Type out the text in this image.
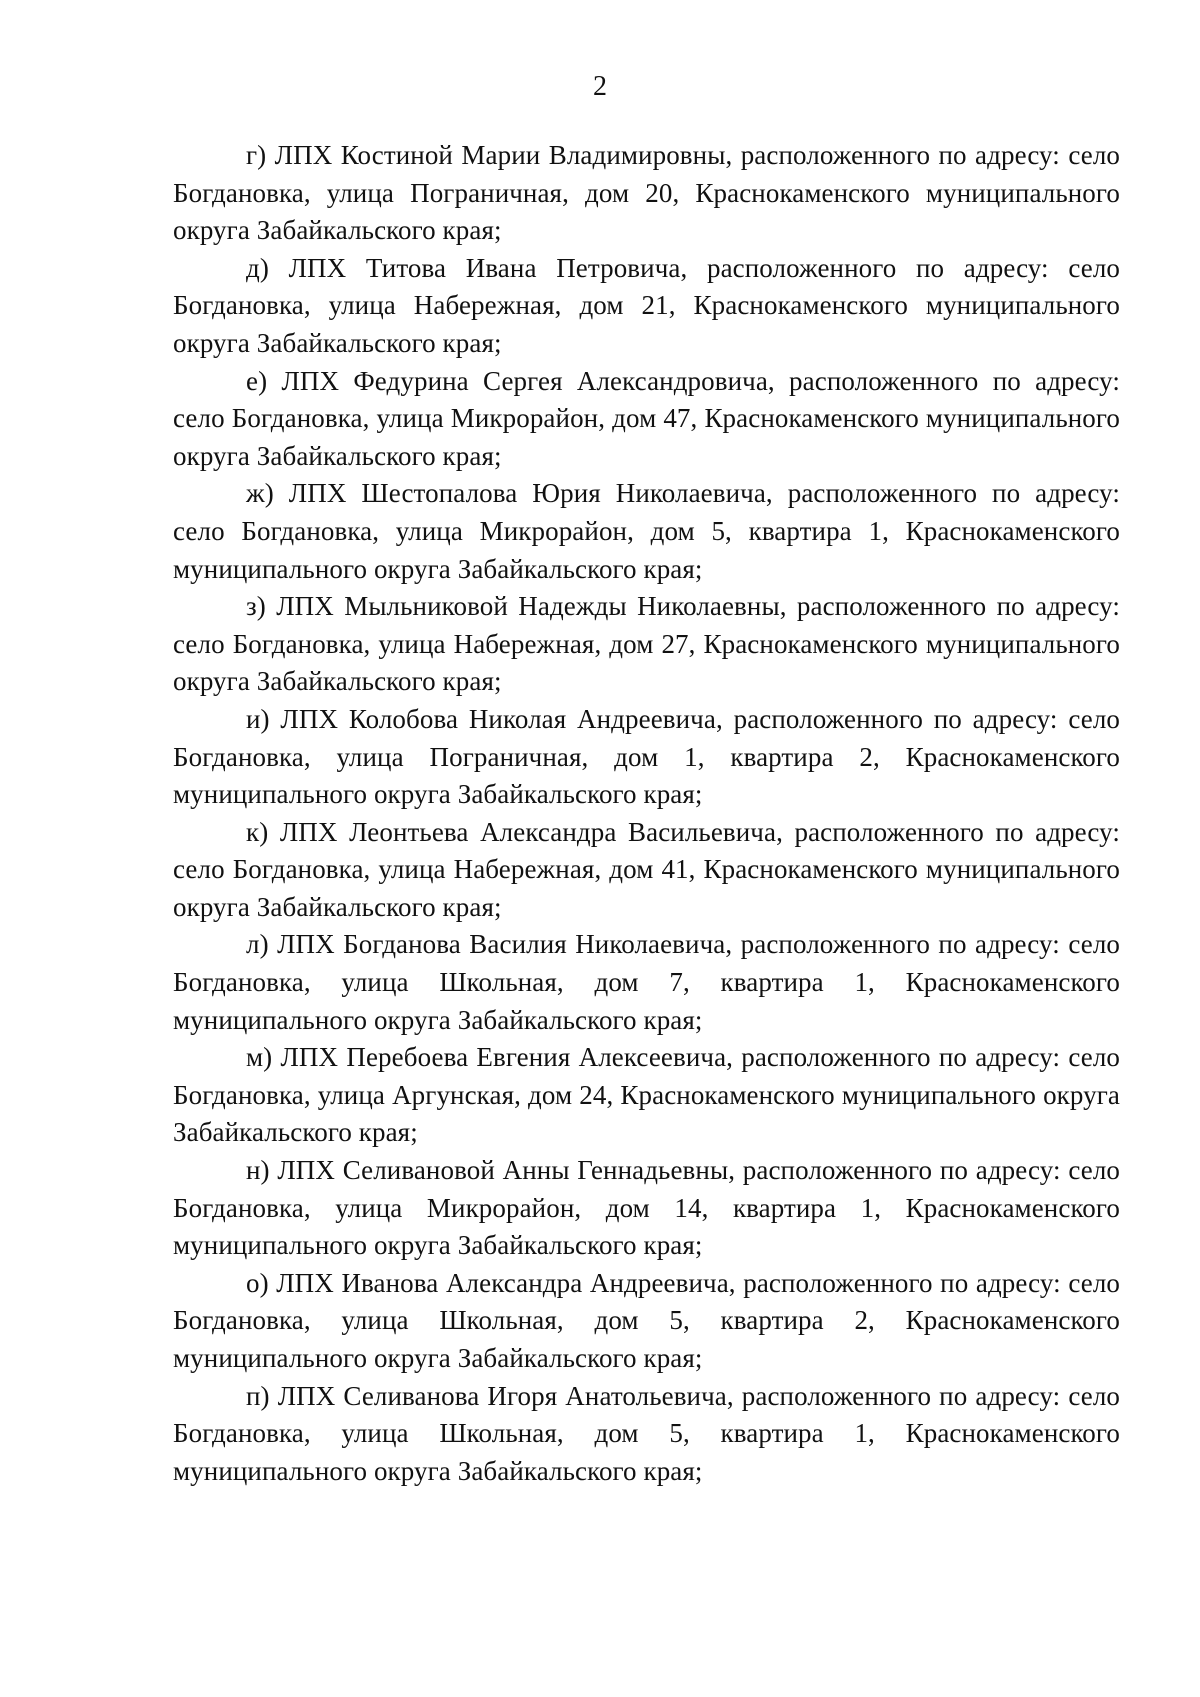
2

г) ЛПХ Костиной Марии Владимировны, расположенного по адресу: село Богдановка, улица Пограничная, дом 20, Краснокаменского муниципального округа Забайкальского края;

д) ЛПХ Титова Ивана Петровича, расположенного по адресу: село Богдановка, улица Набережная, дом 21, Краснокаменского муниципального округа Забайкальского края;

е) ЛПХ Федурина Сергея Александровича, расположенного по адресу: село Богдановка, улица Микрорайон, дом 47, Краснокаменского муниципального округа Забайкальского края;

ж) ЛПХ Шестопалова Юрия Николаевича, расположенного по адресу: село Богдановка, улица Микрорайон, дом 5, квартира 1, Краснокаменского муниципального округа Забайкальского края;

з) ЛПХ Мыльниковой Надежды Николаевны, расположенного по адресу: село Богдановка, улица Набережная, дом 27, Краснокаменского муниципального округа Забайкальского края;

и) ЛПХ Колобова Николая Андреевича, расположенного по адресу: село Богдановка, улица Пограничная, дом 1, квартира 2, Краснокаменского муниципального округа Забайкальского края;

к) ЛПХ Леонтьева Александра Васильевича, расположенного по адресу: село Богдановка, улица Набережная, дом 41, Краснокаменского муниципального округа Забайкальского края;

л) ЛПХ Богданова Василия Николаевича, расположенного по адресу: село Богдановка, улица Школьная, дом 7, квартира 1, Краснокаменского муниципального округа Забайкальского края;

м) ЛПХ Перебоева Евгения Алексеевича, расположенного по адресу: село Богдановка, улица Аргунская, дом 24, Краснокаменского муниципального округа Забайкальского края;

н) ЛПХ Селивановой Анны Геннадьевны, расположенного по адресу: село Богдановка, улица Микрорайон, дом 14, квартира 1, Краснокаменского муниципального округа Забайкальского края;

о) ЛПХ Иванова Александра Андреевича, расположенного по адресу: село Богдановка, улица Школьная, дом 5, квартира 2, Краснокаменского муниципального округа Забайкальского края;

п) ЛПХ Селиванова Игоря Анатольевича, расположенного по адресу: село Богдановка, улица Школьная, дом 5, квартира 1, Краснокаменского муниципального округа Забайкальского края;
